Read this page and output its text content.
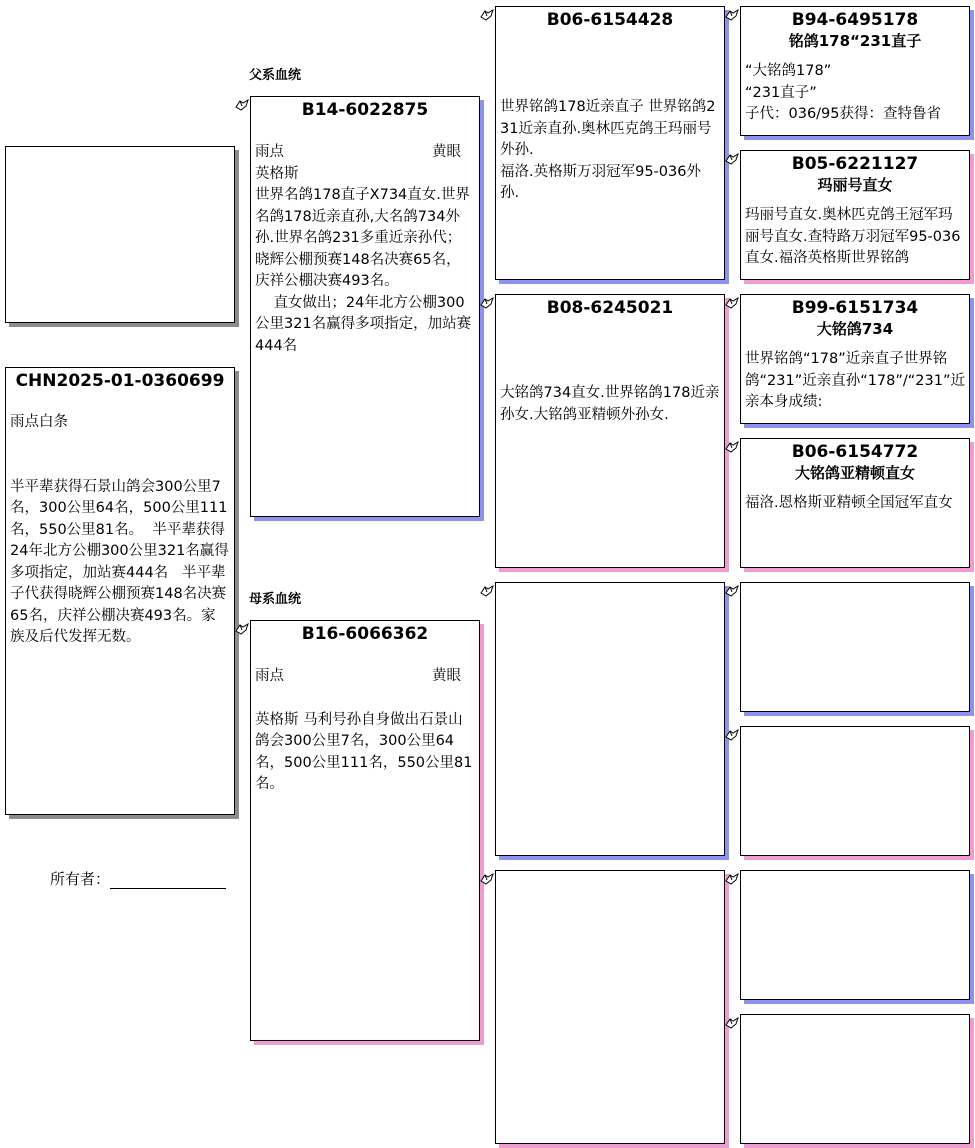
CHN2025-01-0360699
雨点白条
半平辈获得石景山鸽会300公里7名，300公里64名，500公里111名，550公里81名。  半平辈获得24年北方公棚300公里321名赢得多项指定，加站赛444名   半平辈子代获得晓辉公棚预赛148名决赛65名，庆祥公棚决赛493名。家族及后代发挥无数。
所有者：
父系血统
母系血统
B14-6022875
雨点	黄眼
英格斯
世界名鸽178直子X734直女.世界名鸽178近亲直孙,大名鸽734外孙.世界名鸽231多重近亲孙代；晓辉公棚预赛148名决赛65名，庆祥公棚决赛493名。
直女做出；24年北方公棚300公里321名赢得多项指定，加站赛444名
B16-6066362
雨点	黄眼
英格斯 马利号孙自身做出石景山鸽会300公里7名，300公里64名，500公里111名，550公里81名。
B06-6154428
世界铭鸽178近亲直子 世界铭鸽231近亲直孙.奥林匹克鸽王玛丽号外孙.
福洛.英格斯万羽冠军95-036外孙.
B08-6245021
大铭鸽734直女.世界铭鸽178近亲孙女.大铭鸽亚精顿外孙女.
B94-6495178
铭鸽178“231直子
“大铭鸽178”
“231直子”
子代：036/95获得：查特鲁省
B05-6221127
玛丽号直女
玛丽号直女.奥林匹克鸽王冠军玛丽号直女.查特路万羽冠军95-036直女.福洛英格斯世界铭鸽
B99-6151734
大铭鸽734
世界铭鸽“178”近亲直子世界铭鸽“231”近亲直孙“178”/“231”近亲本身成绩:
B06-6154772
大铭鸽亚精顿直女
福洛.恩格斯亚精顿全国冠军直女
